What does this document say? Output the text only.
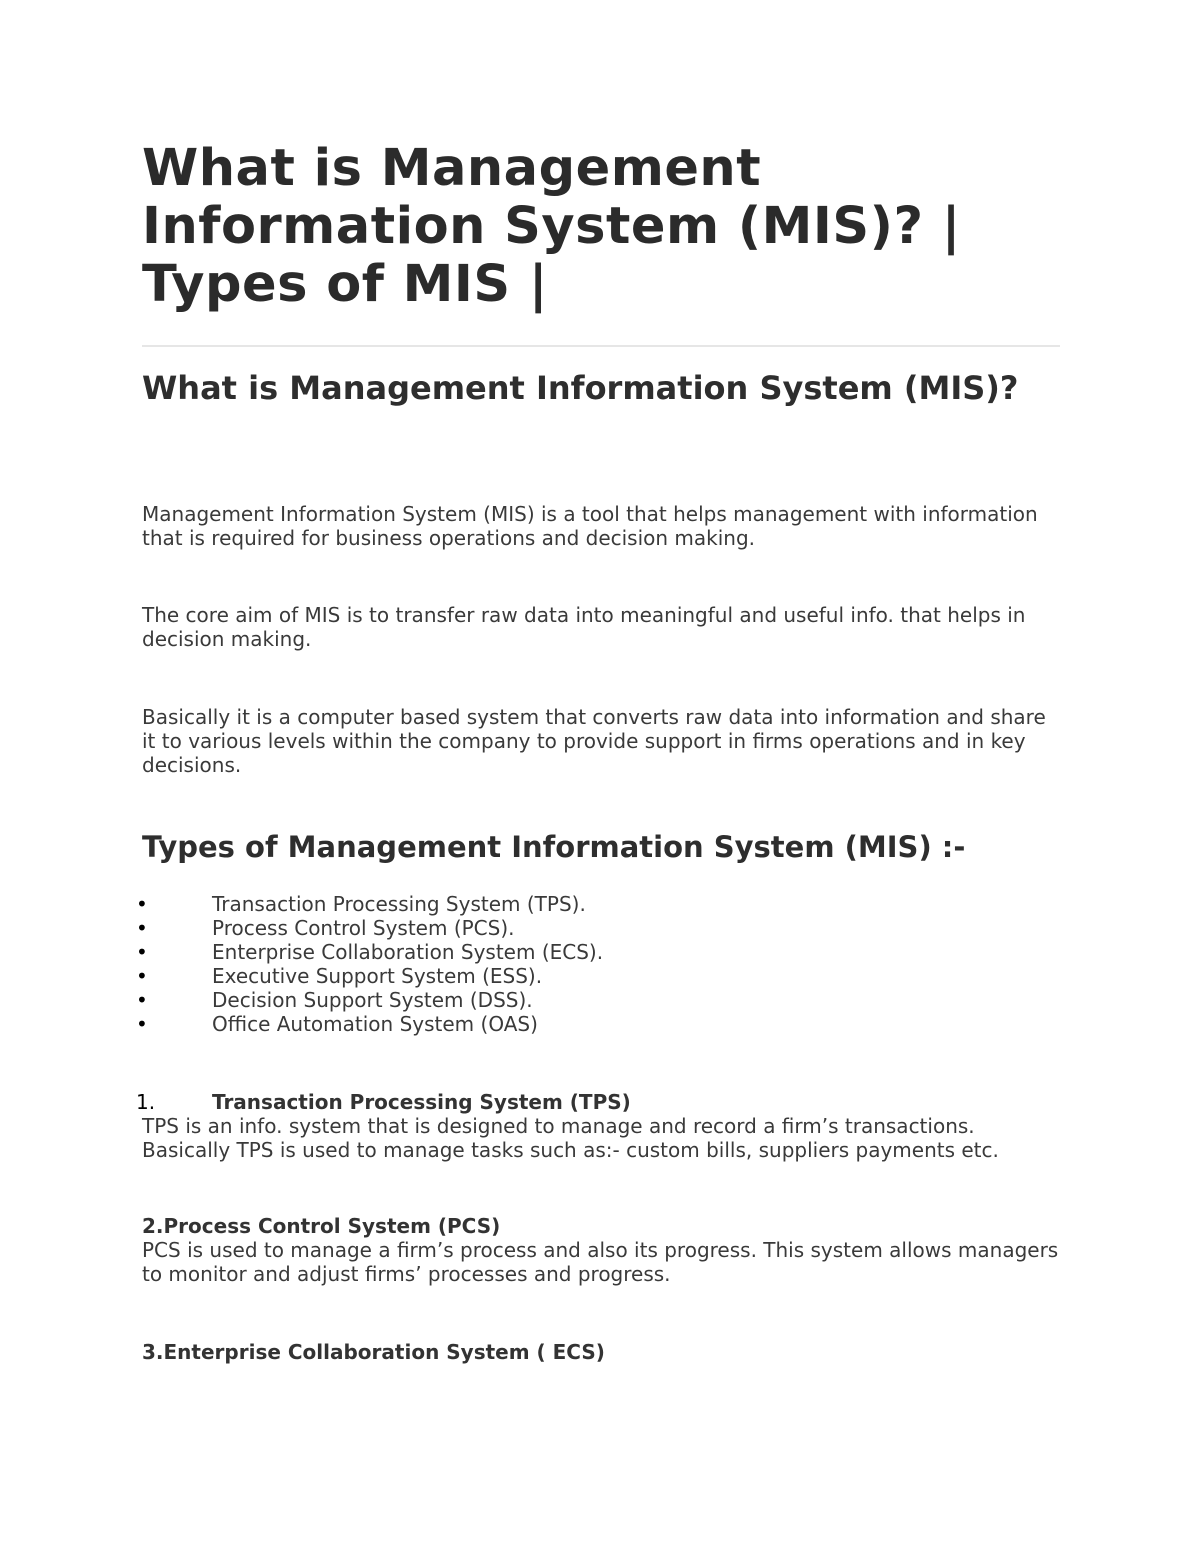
What is Management Information System (MIS)? | Types of MIS |
What is Management Information System (MIS)?

Management Information System (MIS) is a tool that helps management with information that is required for business operations and decision making.

The core aim of MIS is to transfer raw data into meaningful and useful info. that helps in decision making.

Basically it is a computer based system that converts raw data into information and share it to various levels within the company to provide support in firms operations and in key decisions.

Types of Management Information System (MIS) :-
•	Transaction Processing System (TPS).
•	Process Control System (PCS).
•	Enterprise Collaboration System (ECS).
•	Executive Support System (ESS).
•	Decision Support System (DSS).
•	Office Automation System (OAS)
1.	Transaction Processing System (TPS)
TPS is an info. system that is designed to manage and record a firm’s transactions. Basically TPS is used to manage tasks such as:- custom bills, suppliers payments etc.
2.Process Control System (PCS)
PCS is used to manage a firm’s process and also its progress. This system allows managers to monitor and adjust firms’ processes and progress.
3.Enterprise Collaboration System ( ECS)
